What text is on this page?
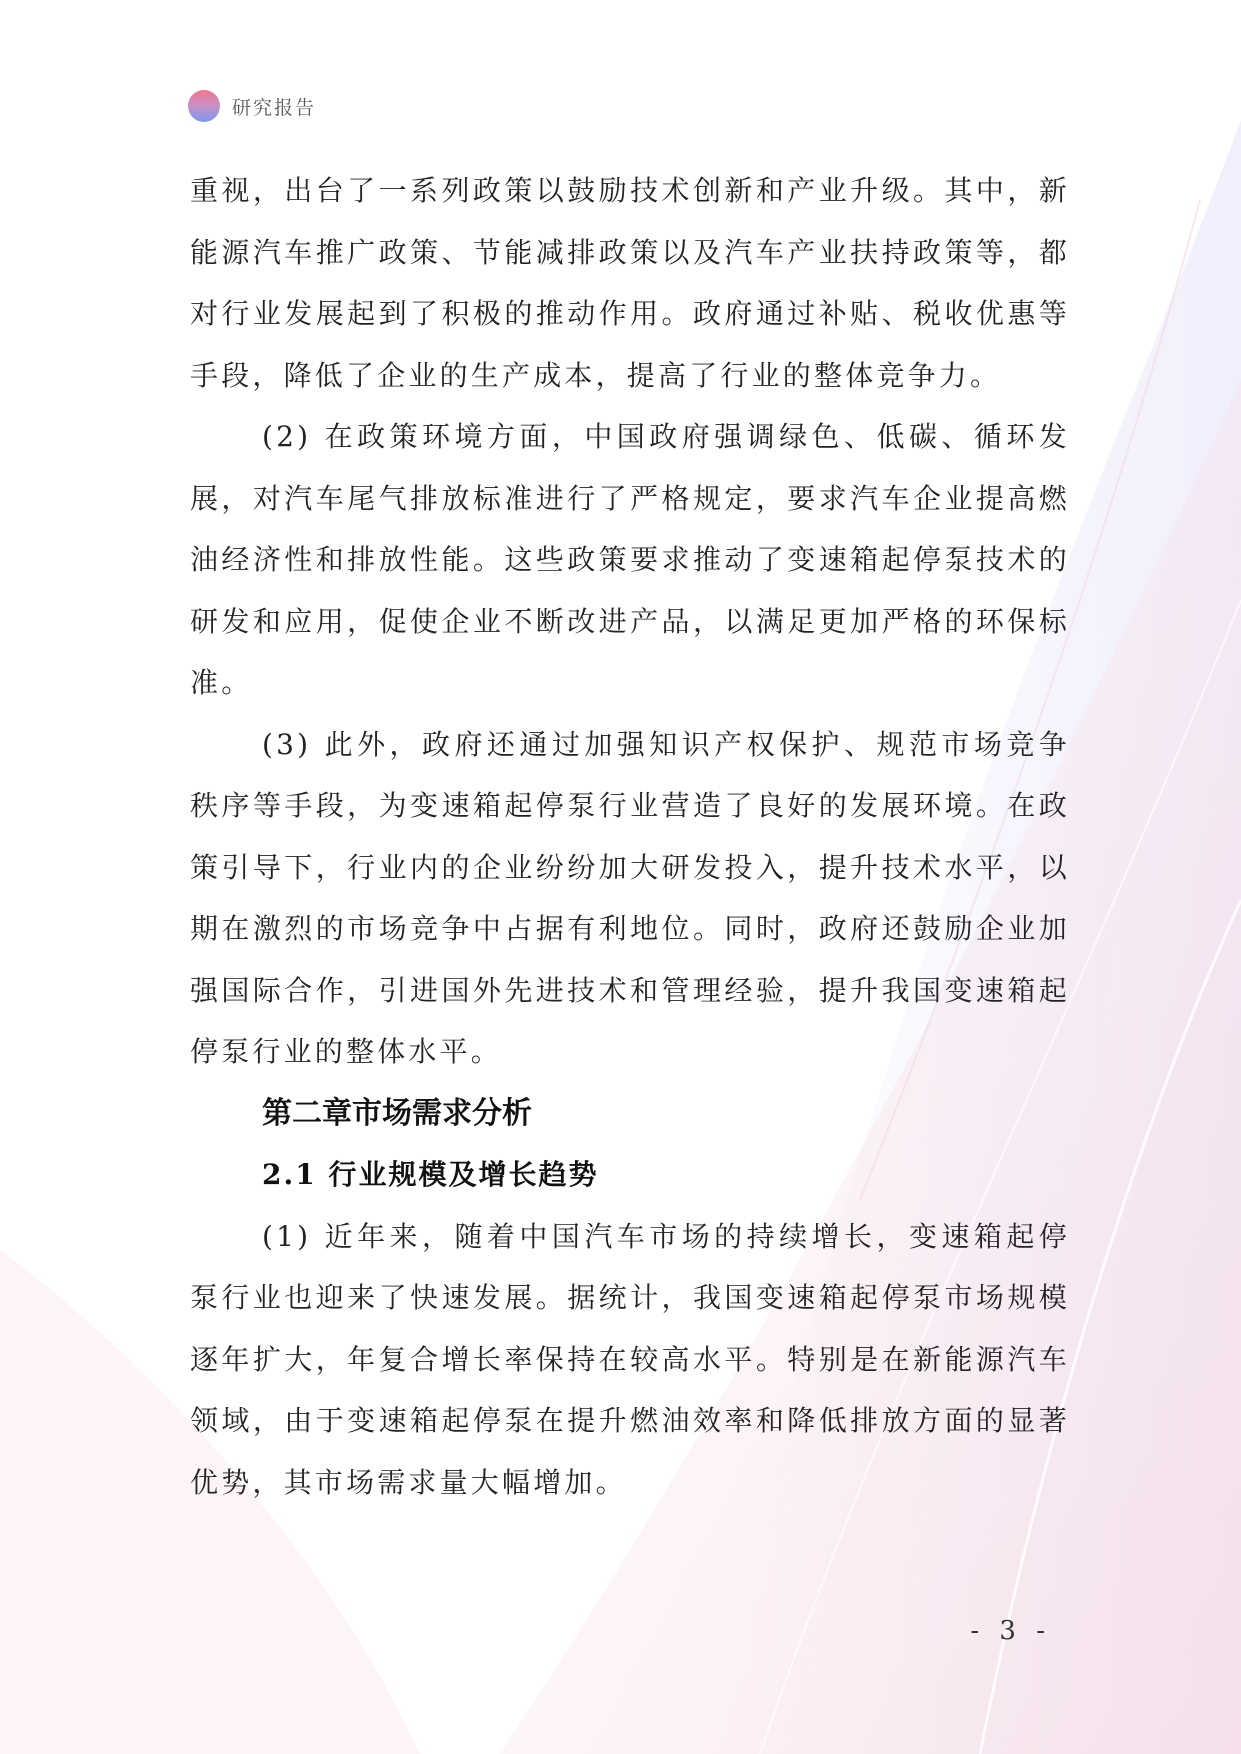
研究报告

重视，出台了一系列政策以鼓励技术创新和产业升级。其中，新能源汽车推广政策、节能减排政策以及汽车产业扶持政策等，都对行业发展起到了积极的推动作用。政府通过补贴、税收优惠等手段，降低了企业的生产成本，提高了行业的整体竞争力。

(2) 在政策环境方面，中国政府强调绿色、低碳、循环发展，对汽车尾气排放标准进行了严格规定，要求汽车企业提高燃油经济性和排放性能。这些政策要求推动了变速箱起停泵技术的研发和应用，促使企业不断改进产品，以满足更加严格的环保标准。

(3) 此外，政府还通过加强知识产权保护、规范市场竞争秩序等手段，为变速箱起停泵行业营造了良好的发展环境。在政策引导下，行业内的企业纷纷加大研发投入，提升技术水平，以期在激烈的市场竞争中占据有利地位。同时，政府还鼓励企业加强国际合作，引进国外先进技术和管理经验，提升我国变速箱起停泵行业的整体水平。

第二章市场需求分析
2.1 行业规模及增长趋势

(1) 近年来，随着中国汽车市场的持续增长，变速箱起停泵行业也迎来了快速发展。据统计，我国变速箱起停泵市场规模逐年扩大，年复合增长率保持在较高水平。特别是在新能源汽车领域，由于变速箱起停泵在提升燃油效率和降低排放方面的显著优势，其市场需求量大幅增加。

- 3 -
